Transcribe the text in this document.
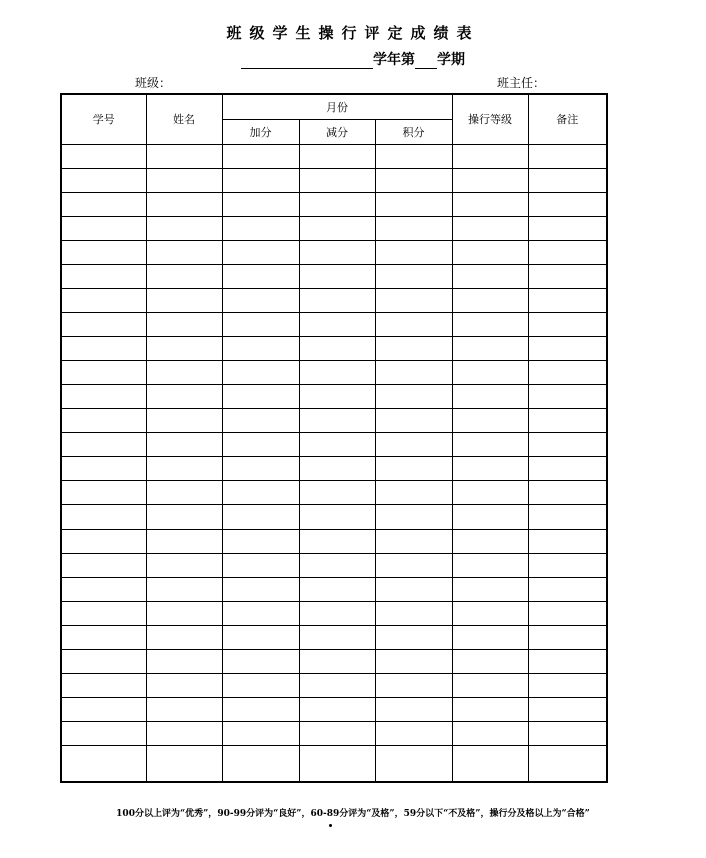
班级学生操行评定成绩表
学年第 学期
班级：	班主任：
学号	姓名	月份			操行等级	备注
		加分	减分	积分		

100分以上评为“优秀”，90-99分评为“良好”，60-89分评为“及格”，59分以下“不及格”，操行分及格以上为“合格”
